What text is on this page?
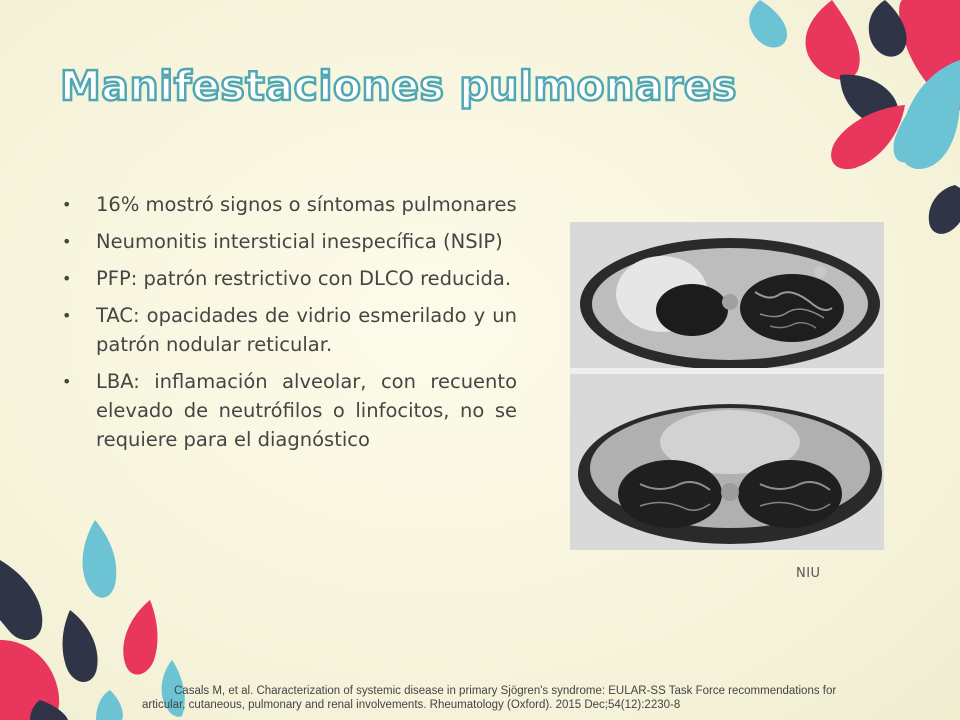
Manifestaciones pulmonares
• 16% mostró signos o síntomas pulmonares
• Neumonitis intersticial inespecífica (NSIP)
• PFP: patrón restrictivo con DLCO reducida.
• TAC: opacidades de vidrio esmerilado y un patrón nodular reticular.
• LBA: inflamación alveolar, con recuento elevado de neutrófilos o linfocitos, no se requiere para el diagnóstico
NIU

Casals M, et al. Characterization of systemic disease in primary Sjögren's syndrome: EULAR-SS Task Force recommendations for
articular, cutaneous, pulmonary and renal involvements. Rheumatology (Oxford). 2015 Dec;54(12):2230-8
